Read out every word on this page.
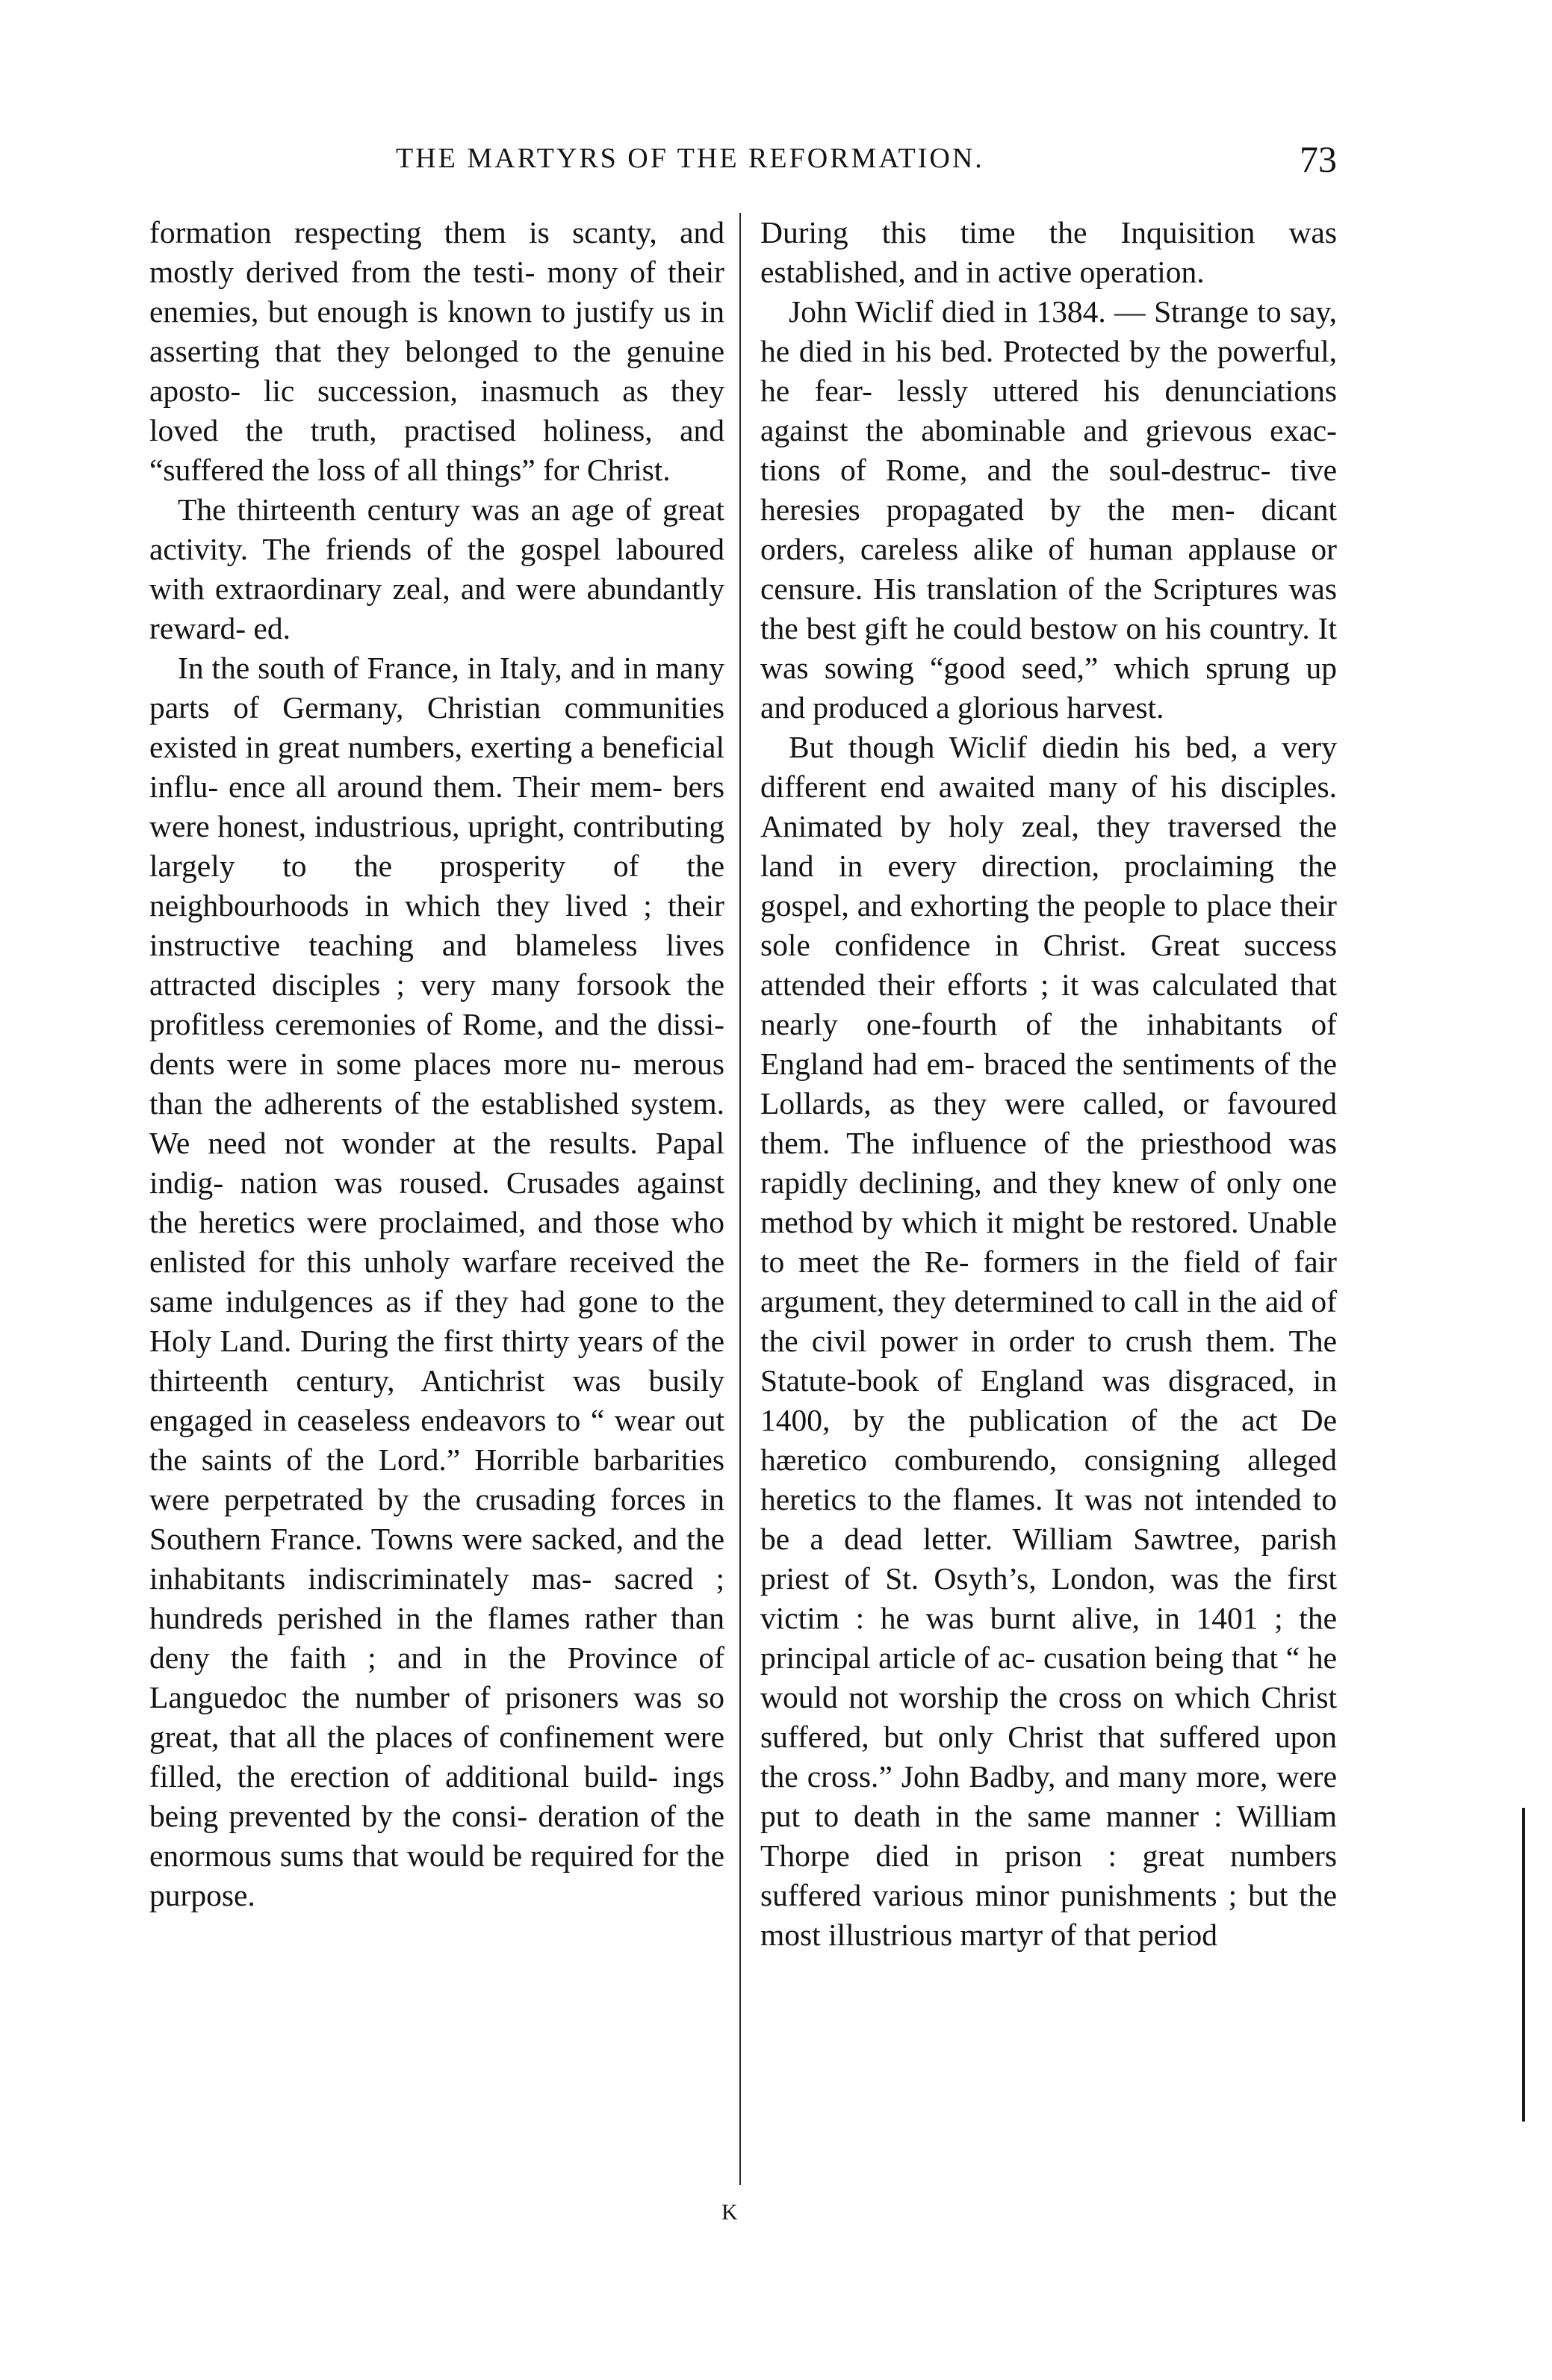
THE MARTYRS OF THE REFORMATION.	73

formation respecting them is scanty, and mostly derived from the testi- mony of their enemies, but enough is known to justify us in asserting that they belonged to the genuine aposto- lic succession, inasmuch as they loved the truth, practised holiness, and “suffered the loss of all things” for Christ.

The thirteenth century was an age of great activity. The friends of the gospel laboured with extraordinary zeal, and were abundantly reward- ed.

In the south of France, in Italy, and in many parts of Germany, Christian communities existed in great numbers, exerting a beneficial influ- ence all around them. Their mem- bers were honest, industrious, upright, contributing largely to the prosperity of the neighbourhoods in which they lived ; their instructive teaching and blameless lives attracted disciples ; very many forsook the profitless ceremonies of Rome, and the dissi- dents were in some places more nu- merous than the adherents of the established system. We need not wonder at the results. Papal indig- nation was roused. Crusades against the heretics were proclaimed, and those who enlisted for this unholy warfare received the same indulgences as if they had gone to the Holy Land. During the first thirty years of the thirteenth century, Antichrist was busily engaged in ceaseless endeavors to “ wear out the saints of the Lord.” Horrible barbarities were perpetrated by the crusading forces in Southern France. Towns were sacked, and the inhabitants indiscriminately mas- sacred ; hundreds perished in the flames rather than deny the faith ; and in the Province of Languedoc the number of prisoners was so great, that all the places of confinement were filled, the erection of additional build- ings being prevented by the consi- deration of the enormous sums that would be required for the purpose.

During this time the Inquisition was established, and in active operation.

John Wiclif died in 1384. — Strange to say, he died in his bed. Protected by the powerful, he fear- lessly uttered his denunciations against the abominable and grievous exac- tions of Rome, and the soul-destruc- tive heresies propagated by the men- dicant orders, careless alike of human applause or censure. His translation of the Scriptures was the best gift he could bestow on his country. It was sowing “good seed,” which sprung up and produced a glorious harvest.

But though Wiclif diedin his bed, a very different end awaited many of his disciples. Animated by holy zeal, they traversed the land in every direction, proclaiming the gospel, and exhorting the people to place their sole confidence in Christ. Great success attended their efforts ; it was calculated that nearly one-fourth of the inhabitants of England had em- braced the sentiments of the Lollards, as they were called, or favoured them. The influence of the priesthood was rapidly declining, and they knew of only one method by which it might be restored. Unable to meet the Re- formers in the field of fair argument, they determined to call in the aid of the civil power in order to crush them. The Statute-book of England was disgraced, in 1400, by the publication of the act De hæretico comburendo, consigning alleged heretics to the flames. It was not intended to be a dead letter. William Sawtree, parish priest of St. Osyth’s, London, was the first victim : he was burnt alive, in 1401 ; the principal article of ac- cusation being that “ he would not worship the cross on which Christ suffered, but only Christ that suffered upon the cross.” John Badby, and many more, were put to death in the same manner : William Thorpe died in prison : great numbers suffered various minor punishments ; but the most illustrious martyr of that period

K
